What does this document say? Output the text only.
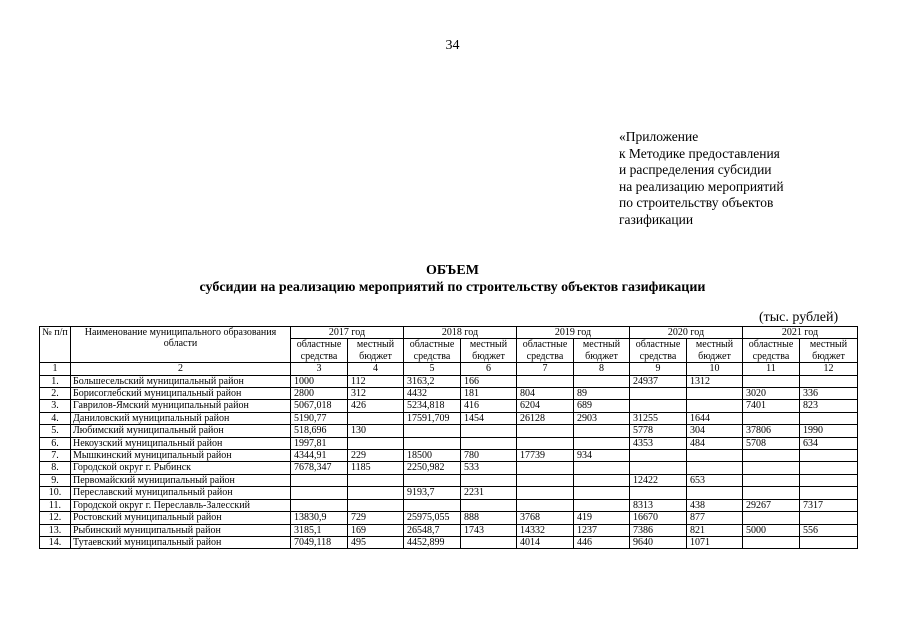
34
«Приложение
к Методике предоставления
и распределения субсидии
на реализацию мероприятий
по строительству объектов
газификации
ОБЪЕМ
субсидии на реализацию мероприятий по строительству объектов газификации
(тыс. рублей)
№ п/п	Наименование муниципального образования области	2017 год		2018 год		2019 год		2020 год		2021 год	
		областные средства	местный бюджет	областные средства	местный бюджет	областные средства	местный бюджет	областные средства	местный бюджет	областные средства	местный бюджет

1	2	3	4	5	6	7	8	9	10	11	12
1.	Большесельский муниципальный район	1000	112	3163,2	166			24937	1312		
2.	Борисоглебский муниципальный район	2800	312	4432	181	804	89			3020	336
3.	Гаврилов-Ямский муниципальный район	5067,018	426	5234,818	416	6204	689			7401	823
4.	Даниловский муниципальный район	5190,77		17591,709	1454	26128	2903	31255	1644		
5.	Любимский муниципальный район	518,696	130					5778	304	37806	1990
6.	Некоузский муниципальный район	1997,81						4353	484	5708	634
7.	Мышкинский муниципальный район	4344,91	229	18500	780	17739	934				
8.	Городской округ г. Рыбинск	7678,347	1185	2250,982	533						
9.	Первомайский муниципальный район							12422	653		
10.	Переславский муниципальный район			9193,7	2231						
11.	Городской округ г. Переславль-Залесский							8313	438	29267	7317
12.	Ростовский муниципальный район	13830,9	729	25975,055	888	3768	419	16670	877		
13.	Рыбинский муниципальный район	3185,1	169	26548,7	1743	14332	1237	7386	821	5000	556
14.	Тутаевский муниципальный район	7049,118	495	4452,899		4014	446	9640	1071		
